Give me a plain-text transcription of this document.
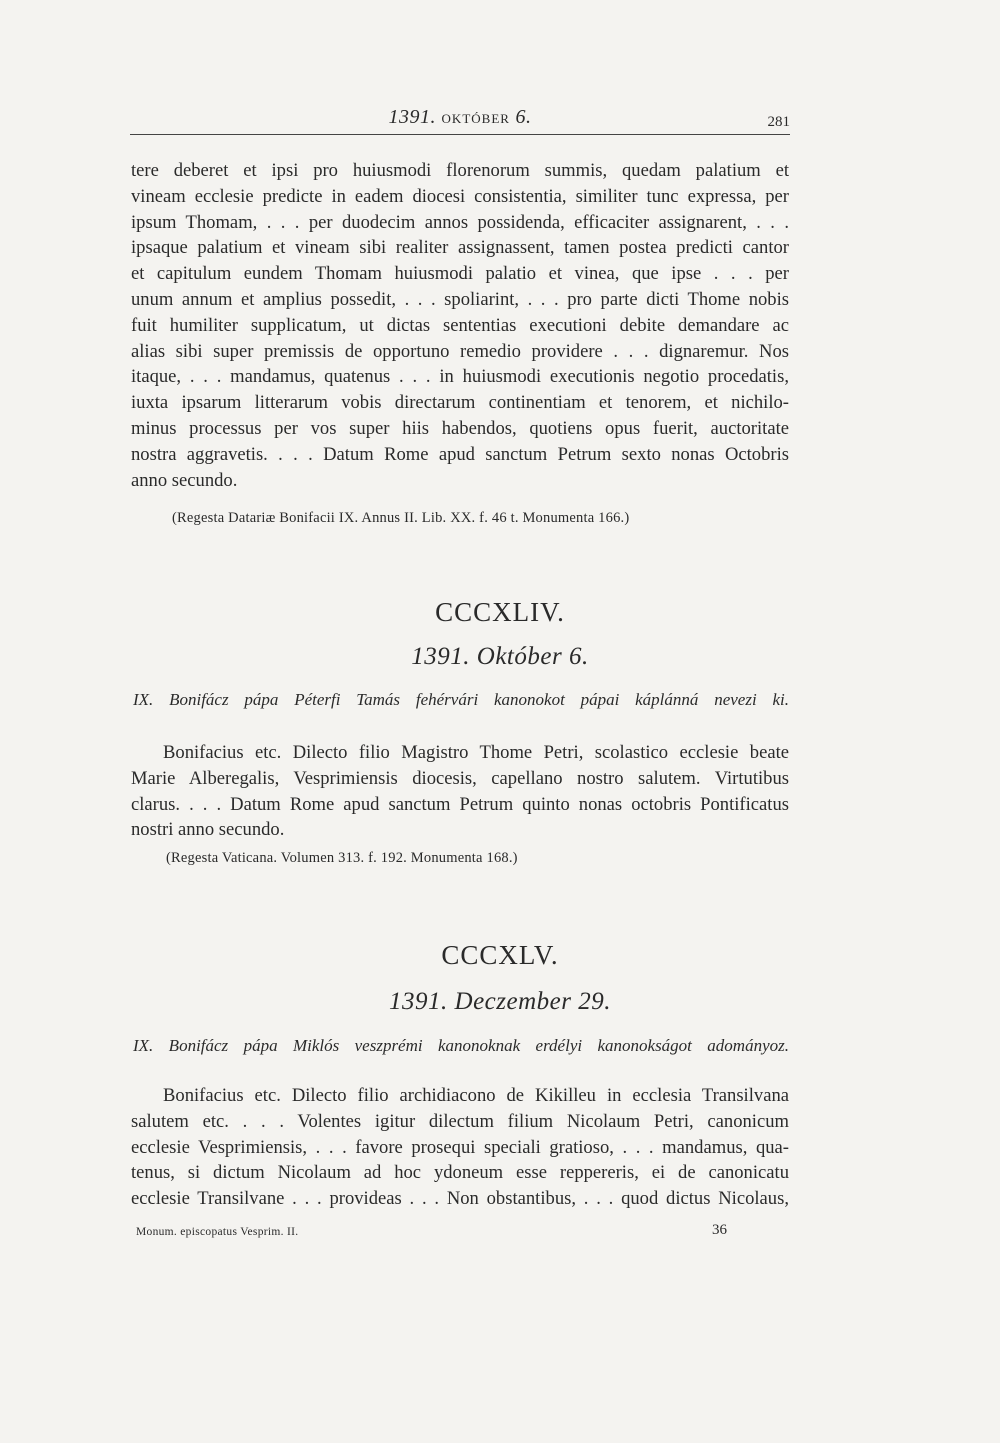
1391. OKTÓBER 6.	281
tere deberet et ipsi pro huiusmodi florenorum summis, quedam palatium et
vineam ecclesie predicte in eadem diocesi consistentia, similiter tunc expressa, per
ipsum Thomam, . . . per duodecim annos possidenda, efficaciter assignarent, . . .
ipsaque palatium et vineam sibi realiter assignassent, tamen postea predicti cantor
et capitulum eundem Thomam huiusmodi palatio et vinea, que ipse . . . per
unum annum et amplius possedit, . . . spoliarint, . . . pro parte dicti Thome nobis
fuit humiliter supplicatum, ut dictas sententias executioni debite demandare ac
alias sibi super premissis de opportuno remedio providere . . . dignaremur. Nos
itaque, . . . mandamus, quatenus . . . in huiusmodi executionis negotio procedatis,
iuxta ipsarum litterarum vobis directarum continentiam et tenorem, et nichilo-
minus processus per vos super hiis habendos, quotiens opus fuerit, auctoritate
nostra aggravetis. . . . Datum Rome apud sanctum Petrum sexto nonas Octobris
anno secundo.
(Regesta Datariæ Bonifacii IX. Annus II. Lib. XX. f. 46 t. Monumenta 166.)
CCCXLIV.
1391. Október 6.
IX. Bonifácz pápa Péterfi Tamás fehérvári kanonokot pápai káplánná nevezi ki.
Bonifacius etc. Dilecto filio Magistro Thome Petri, scolastico ecclesie beate
Marie Alberegalis, Vesprimiensis diocesis, capellano nostro salutem. Virtutibus
clarus. . . . Datum Rome apud sanctum Petrum quinto nonas octobris Pontificatus
nostri anno secundo.
(Regesta Vaticana. Volumen 313. f. 192. Monumenta 168.)
CCCXLV.
1391. Deczember 29.
IX. Bonifácz pápa Miklós veszprémi kanonoknak erdélyi kanonokságot adományoz.
Bonifacius etc. Dilecto filio archidiacono de Kikilleu in ecclesia Transilvana
salutem etc. . . . Volentes igitur dilectum filium Nicolaum Petri, canonicum
ecclesie Vesprimiensis, . . . favore prosequi speciali gratioso, . . . mandamus, qua-
tenus, si dictum Nicolaum ad hoc ydoneum esse reppereris, ei de canonicatu
ecclesie Transilvane . . . provideas . . . Non obstantibus, . . . quod dictus Nicolaus,
Monum. episcopatus Vesprim. II.	36
